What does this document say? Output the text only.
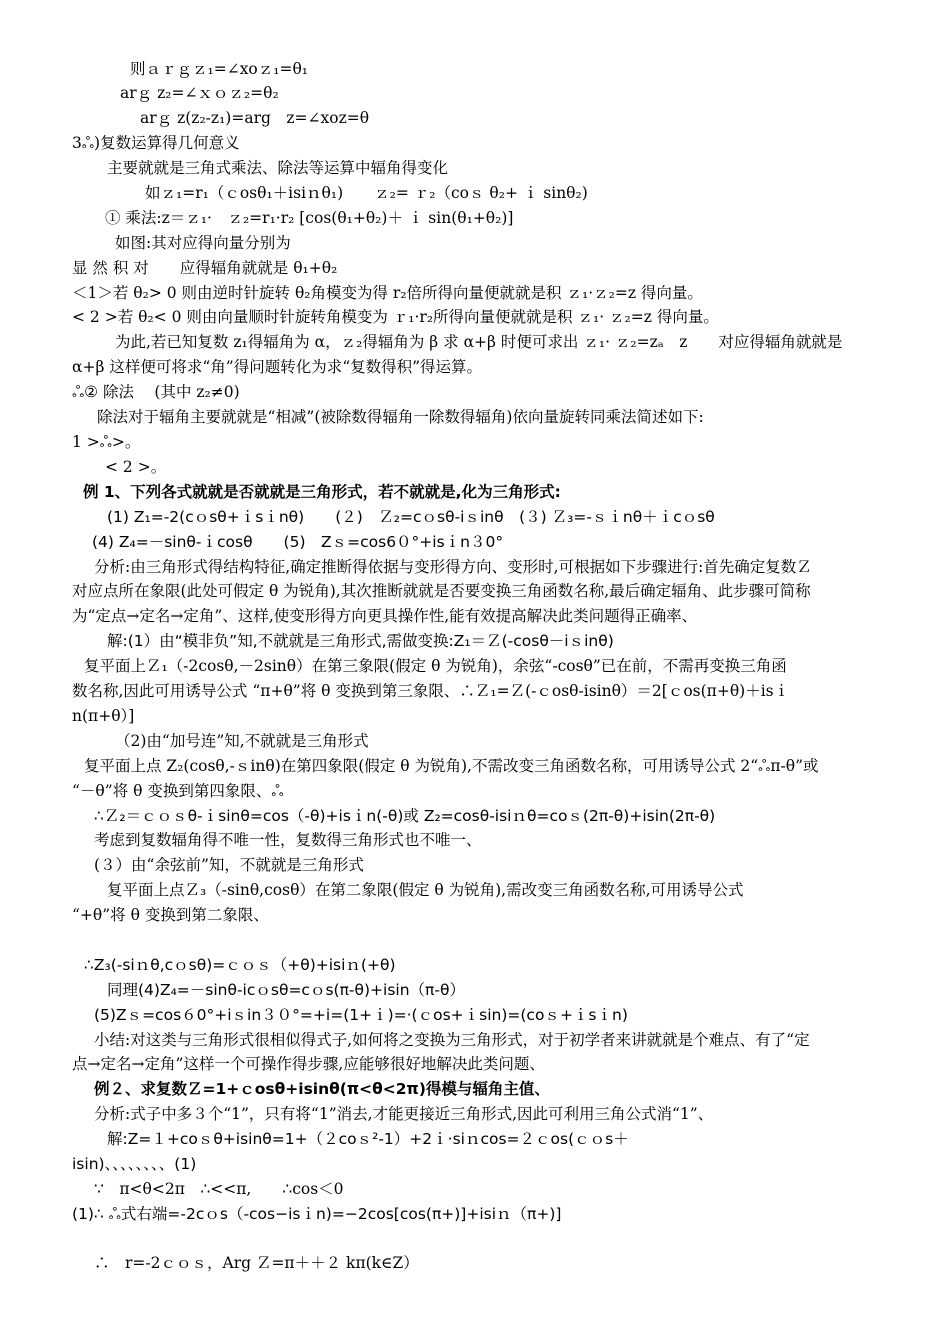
则ａｒｇｚ₁=∠xoｚ₁=θ₁
arｇ z₂=∠ｘｏｚ₂=θ₂
arｇ z(z₂-z₁)=arg　z=∠xoz=θ
3ஃ)复数运算得几何意义
主要就就是三角式乘法、除法等运算中辐角得变化
如ｚ₁=r₁（ｃosθ₁＋isiｎθ₁)　　ｚ₂= ｒ₂（coｓ θ₂+ ｉ sinθ₂)
① 乘法:z＝ｚ₁·　ｚ₂=r₁·r₂ [cos(θ₁+θ₂)＋ ｉ sin(θ₁+θ₂)]
如图:其对应得向量分别为
显 然 积 对　　应得辐角就就是 θ₁+θ₂
＜1＞若 θ₂> 0 则由逆时针旋转 θ₂角模变为得 r₂倍所得向量便就就是积 ｚ₁·ｚ₂=z 得向量。
< 2 >若 θ₂< 0 则由向量顺时针旋转角模变为 ｒ₁·r₂所得向量便就就是积 ｚ₁· ｚ₂=z 得向量。
为此,若已知复数 z₁得辐角为 α，ｚ₂得辐角为 β 求 α+β 时便可求出 ｚ₁· ｚ₂=zₐ　z　　对应得辐角就就是
α+β 这样便可将求“角”得问题转化为求“复数得积”得运算。
ஃ② 除法　 (其中 z₂≠0)
除法对于辐角主要就就是“相减”(被除数得辐角一除数得辐角)依向量旋转同乘法简述如下:
1 >ஃ>。
< 2 >。
例 1、下列各式就就是否就就是三角形式，若不就就是,化为三角形式:
(1) Z₁=-2(cｏsθ+ｉsｉnθ)　　(２)　Ｚ₂=cｏsθ-iｓinθ　(３) Ｚ₃=-ｓｉnθ＋ｉcｏsθ
(4) Z₄=－sinθ-ｉcosθ　　(5)　Zｓ=cos6０°+isｉn３0°
分析:由三角形式得结构特征,确定推断得依据与变形得方向、变形时,可根据如下步骤进行:首先确定复数Ｚ
对应点所在象限(此处可假定 θ 为锐角),其次推断就就是否要变换三角函数名称,最后确定辐角、此步骤可简称
为“定点→定名→定角”、这样,使变形得方向更具操作性,能有效提高解决此类问题得正确率、
解:(1）由“模非负”知,不就就是三角形式,需做变换:Z₁＝Ｚ(-cosθ－iｓinθ)
复平面上Ｚ₁（-2cosθ,－2sinθ）在第三象限(假定 θ 为锐角)，余弦“-cosθ”已在前，不需再变换三角函
数名称,因此可用诱导公式 “π+θ”将 θ 变换到第三象限、∴Ｚ₁=Ｚ(-ｃosθ-isinθ）＝2[ｃos(π+θ)＋isｉ
n(π+θ）]
（2)由“加号连”知,不就就是三角形式
复平面上点 Z₂(cosθ,-ｓinθ)在第四象限(假定 θ 为锐角),不需改变三角函数名称，可用诱导公式 2“ஃπ-θ”或
“－θ”将 θ 变换到第四象限、ஃ
∴Ｚ₂＝ｃｏｓθ-ｉsinθ=cos（-θ)+isｉn(-θ)或 Z₂=cosθ-isiｎθ=coｓ(2π-θ)+isin(2π-θ)
考虑到复数辐角得不唯一性，复数得三角形式也不唯一、
(３）由“余弦前”知，不就就是三角形式
复平面上点Ｚ₃（-sinθ,cosθ）在第二象限(假定 θ 为锐角),需改变三角函数名称,可用诱导公式
“+θ”将 θ 变换到第二象限、
∴Z₃(-siｎθ,cｏsθ)=ｃｏｓ（+θ)+isiｎ(+θ)
同理(4)Z₄=－sinθ-icｏsθ=cｏs(π-θ)+isin（π-θ）
(5)Zｓ=cos６0°+iｓin３０°=+i=(1+ｉ)=·(ｃos+ｉsin)=(coｓ+ｉsｉn)
小结:对这类与三角形式很相似得式子,如何将之变换为三角形式，对于初学者来讲就就是个难点、有了“定
点→定名→定角”这样一个可操作得步骤,应能够很好地解决此类问题、
例２、求复数Ｚ=1+ｃosθ+isinθ(π<θ<2π)得模与辐角主值、
分析:式子中多３个“1”，只有将“1”消去,才能更接近三角形式,因此可利用三角公式消“1”、
解:Z=１+coｓθ+isinθ=1+（２coｓ²-1）+2ｉ·siｎcos=２ｃos(ｃｏs＋
isin)、、、、、、、、(1)
∵　π<θ<2π　∴<<π,　　∴cos＜0
(1)∴ ஃ式右端=-2cｏs（-cos−isｉn)=−2cos[cos(π+)]+isiｎ（π+)]
∴　r=-2ｃｏｓ，Arg Ｚ=π＋＋２ kπ(k∈Z）
